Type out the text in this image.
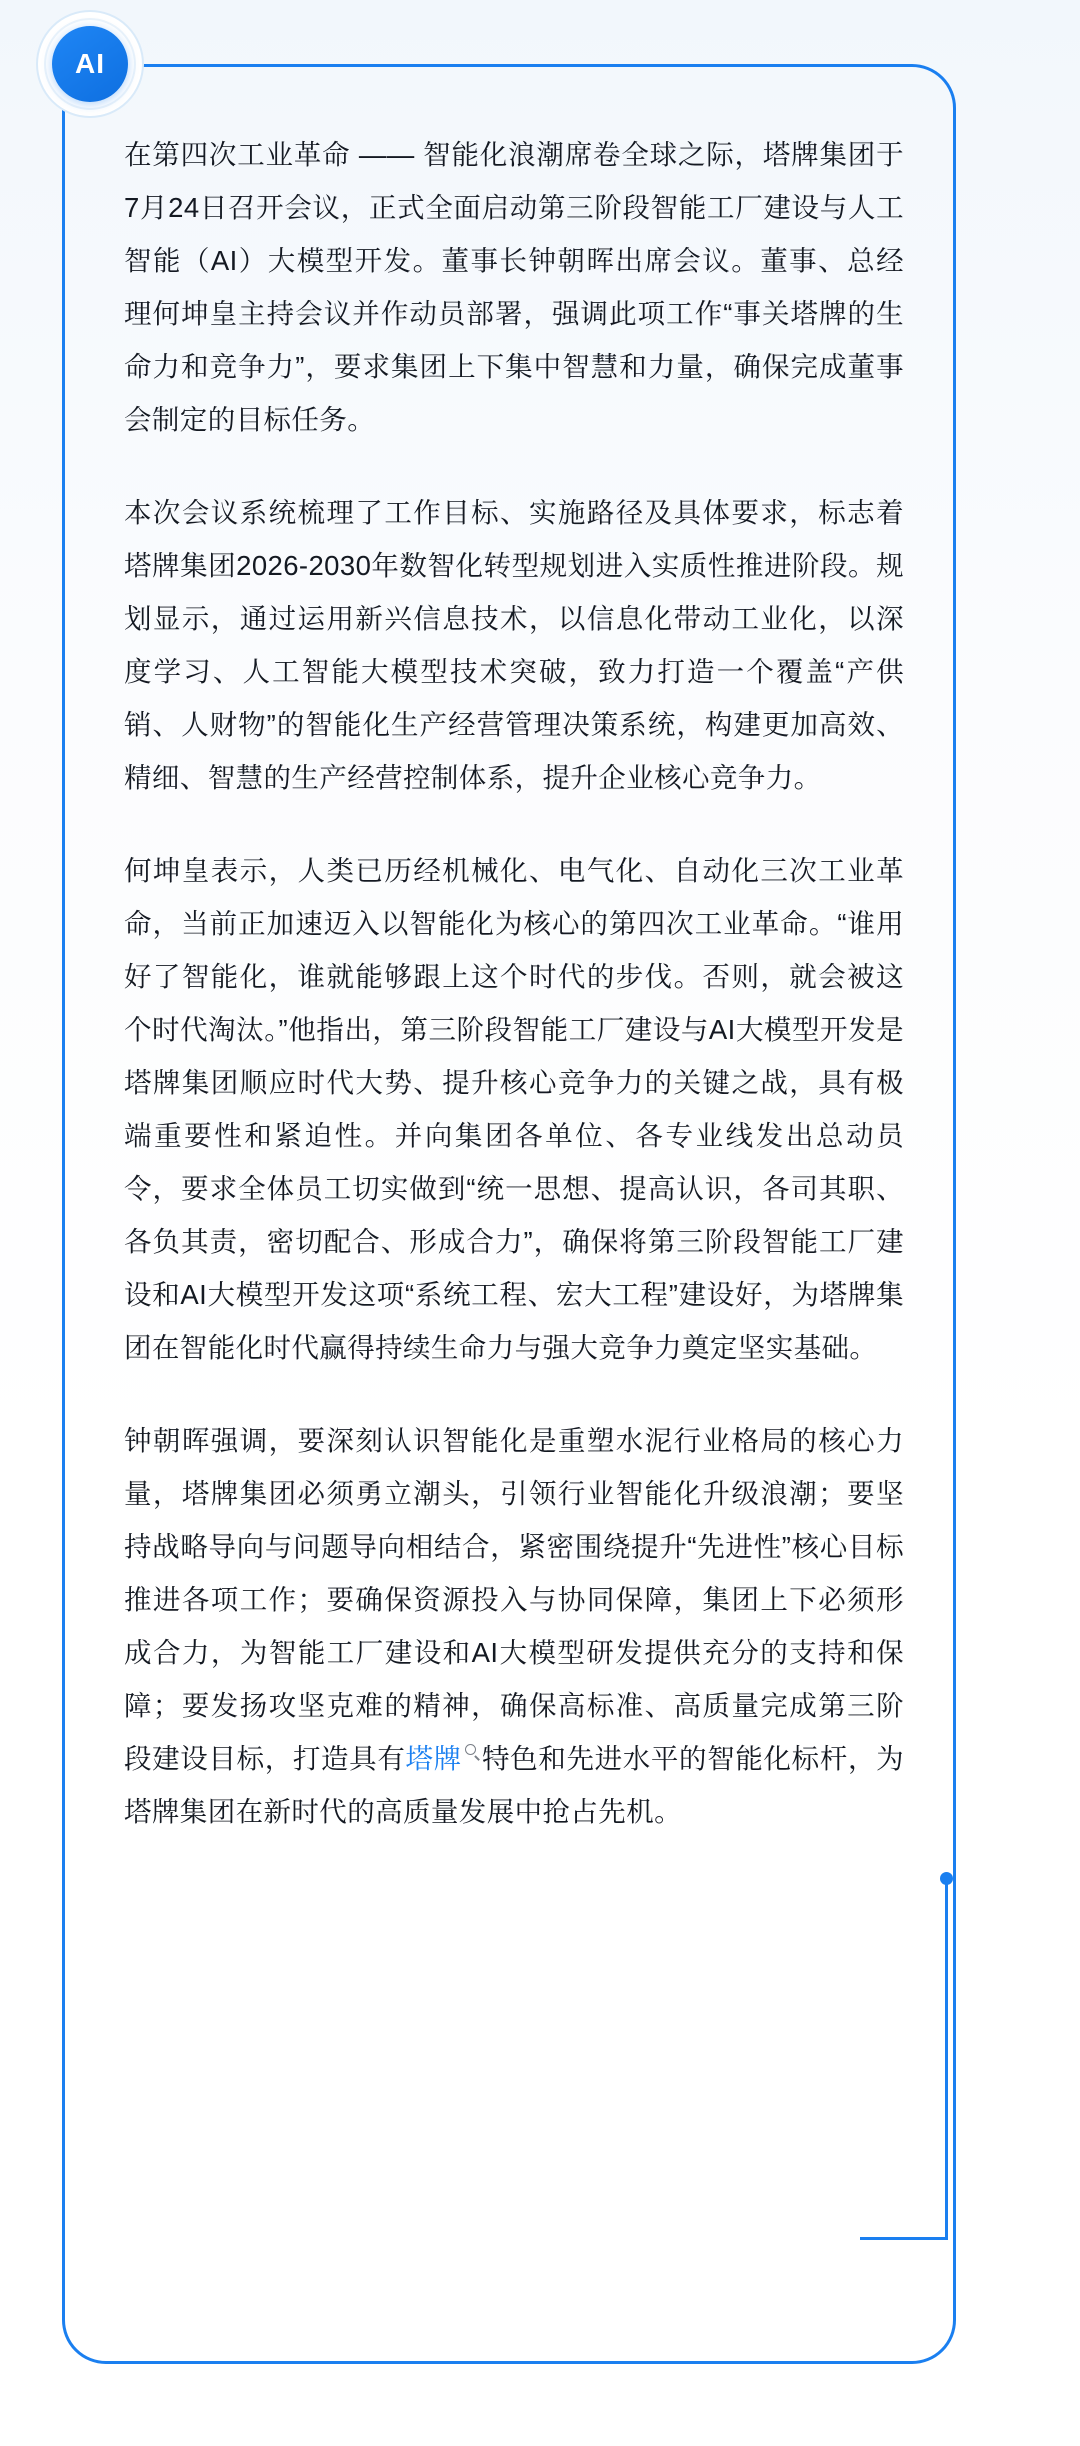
AI

在第四次工业革命 —— 智能化浪潮席卷全球之际，塔牌集团于7月24日召开会议，正式全面启动第三阶段智能工厂建设与人工智能（AI）大模型开发。董事长钟朝晖出席会议。董事、总经理何坤皇主持会议并作动员部署，强调此项工作“事关塔牌的生命力和竞争力”，要求集团上下集中智慧和力量，确保完成董事会制定的目标任务。

本次会议系统梳理了工作目标、实施路径及具体要求，标志着塔牌集团2026-2030年数智化转型规划进入实质性推进阶段。规划显示，通过运用新兴信息技术，以信息化带动工业化，以深度学习、人工智能大模型技术突破，致力打造一个覆盖“产供销、人财物”的智能化生产经营管理决策系统，构建更加高效、精细、智慧的生产经营控制体系，提升企业核心竞争力。

何坤皇表示，人类已历经机械化、电气化、自动化三次工业革命，当前正加速迈入以智能化为核心的第四次工业革命。“谁用好了智能化，谁就能够跟上这个时代的步伐。否则，就会被这个时代淘汰。”他指出，第三阶段智能工厂建设与AI大模型开发是塔牌集团顺应时代大势、提升核心竞争力的关键之战，具有极端重要性和紧迫性。并向集团各单位、各专业线发出总动员令，要求全体员工切实做到“统一思想、提高认识，各司其职、各负其责，密切配合、形成合力”，确保将第三阶段智能工厂建设和AI大模型开发这项“系统工程、宏大工程”建设好，为塔牌集团在智能化时代赢得持续生命力与强大竞争力奠定坚实基础。

钟朝晖强调，要深刻认识智能化是重塑水泥行业格局的核心力量，塔牌集团必须勇立潮头，引领行业智能化升级浪潮；要坚持战略导向与问题导向相结合，紧密围绕提升“先进性”核心目标推进各项工作；要确保资源投入与协同保障，集团上下必须形成合力，为智能工厂建设和AI大模型研发提供充分的支持和保障；要发扬攻坚克难的精神，确保高标准、高质量完成第三阶段建设目标，打造具有塔牌 特色和先进水平的智能化标杆，为塔牌集团在新时代的高质量发展中抢占先机。
